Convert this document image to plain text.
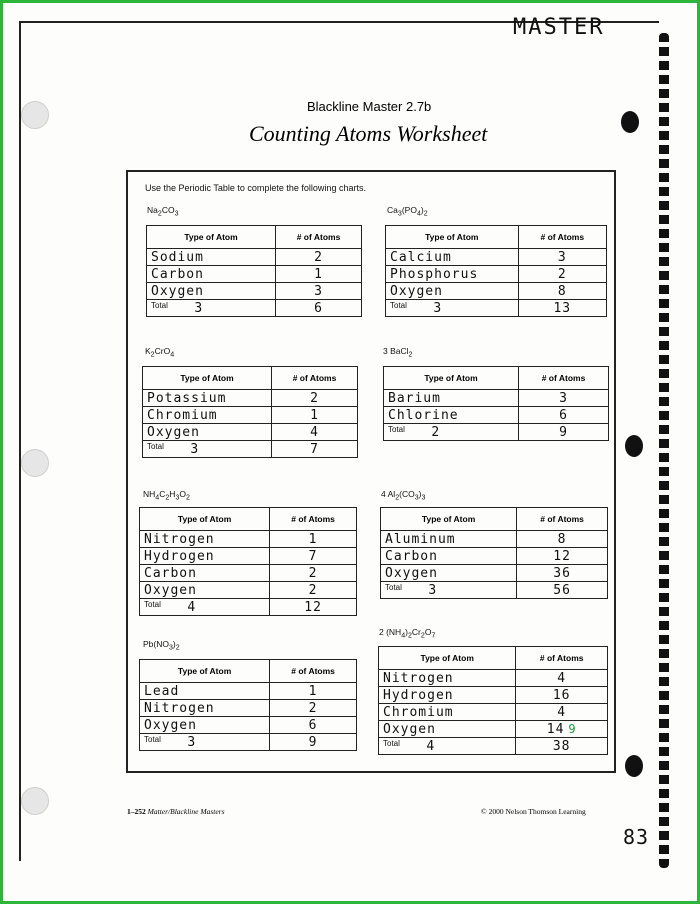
MASTER
Blackline Master 2.7b
Counting Atoms Worksheet
Use the Periodic Table to complete the following charts.
$Na_2CO_3$
Type of Atom	# of Atoms
Sodium	2
Carbon	1
Oxygen	3
$^{Total}$   3	6
$Ca_3(PO_4)_2$
Type of Atom	# of Atoms
Calcium	3
Phosphorus	2
Oxygen	8
$^{Total}$   3	13
$K_2CrO_4$
Type of Atom	# of Atoms
Potassium	2
Chromium	1
Oxygen	4
$^{Total}$   3	7
3 BaCl$_2$
Type of Atom	# of Atoms
Barium	3
Chlorine	6
$^{Total}$   2	9
$NH_4C_2H_3O_2$
Type of Atom	# of Atoms
Nitrogen	1
Hydrogen	7
Carbon	2
Oxygen	2
$^{Total}$   4	12
4 $Al_2(CO_3)_3$
Type of Atom	# of Atoms
Aluminum	8
Carbon	12
Oxygen	36
$^{Total}$   3	56
$Pb(NO_3)_2$
Type of Atom	# of Atoms
Lead	1
Nitrogen	2
Oxygen	6
$^{Total}$   3	9
2 $(NH_4)_2Cr_2O_7$
Type of Atom	# of Atoms
Nitrogen	4
Hydrogen	16
Chromium	4
Oxygen	14 9
$^{Total}$   4	38
1–252 Matter/Blackline Masters	© 2000 Nelson Thomson Learning
83
